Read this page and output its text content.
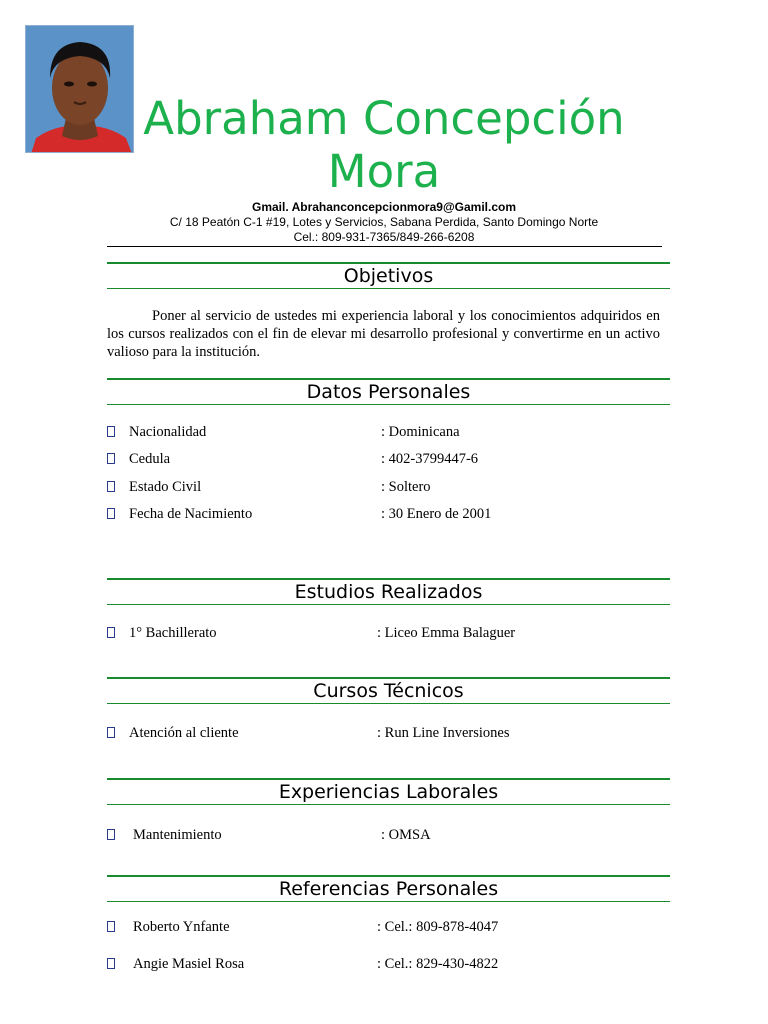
Abraham Concepción Mora
Gmail. Abrahanconcepcionmora9@Gamil.com
C/ 18 Peatón C-1 #19, Lotes y Servicios, Sabana Perdida, Santo Domingo Norte
Cel.: 809-931-7365/849-266-6208
Objetivos
Poner al servicio de ustedes mi experiencia laboral y los conocimientos adquiridos en los cursos realizados con el fin de elevar mi desarrollo profesional y convertirme en un activo valioso para la institución.
Datos Personales
Nacionalidad	: Dominicana
Cedula	: 402-3799447-6
Estado Civil	: Soltero
Fecha de Nacimiento	: 30 Enero de 2001
Estudios Realizados
1° Bachillerato	: Liceo Emma Balaguer
Cursos Técnicos
Atención al cliente	: Run Line Inversiones
Experiencias Laborales
Mantenimiento	: OMSA
Referencias Personales
Roberto Ynfante	: Cel.: 809-878-4047
Angie Masiel Rosa	: Cel.: 829-430-4822
